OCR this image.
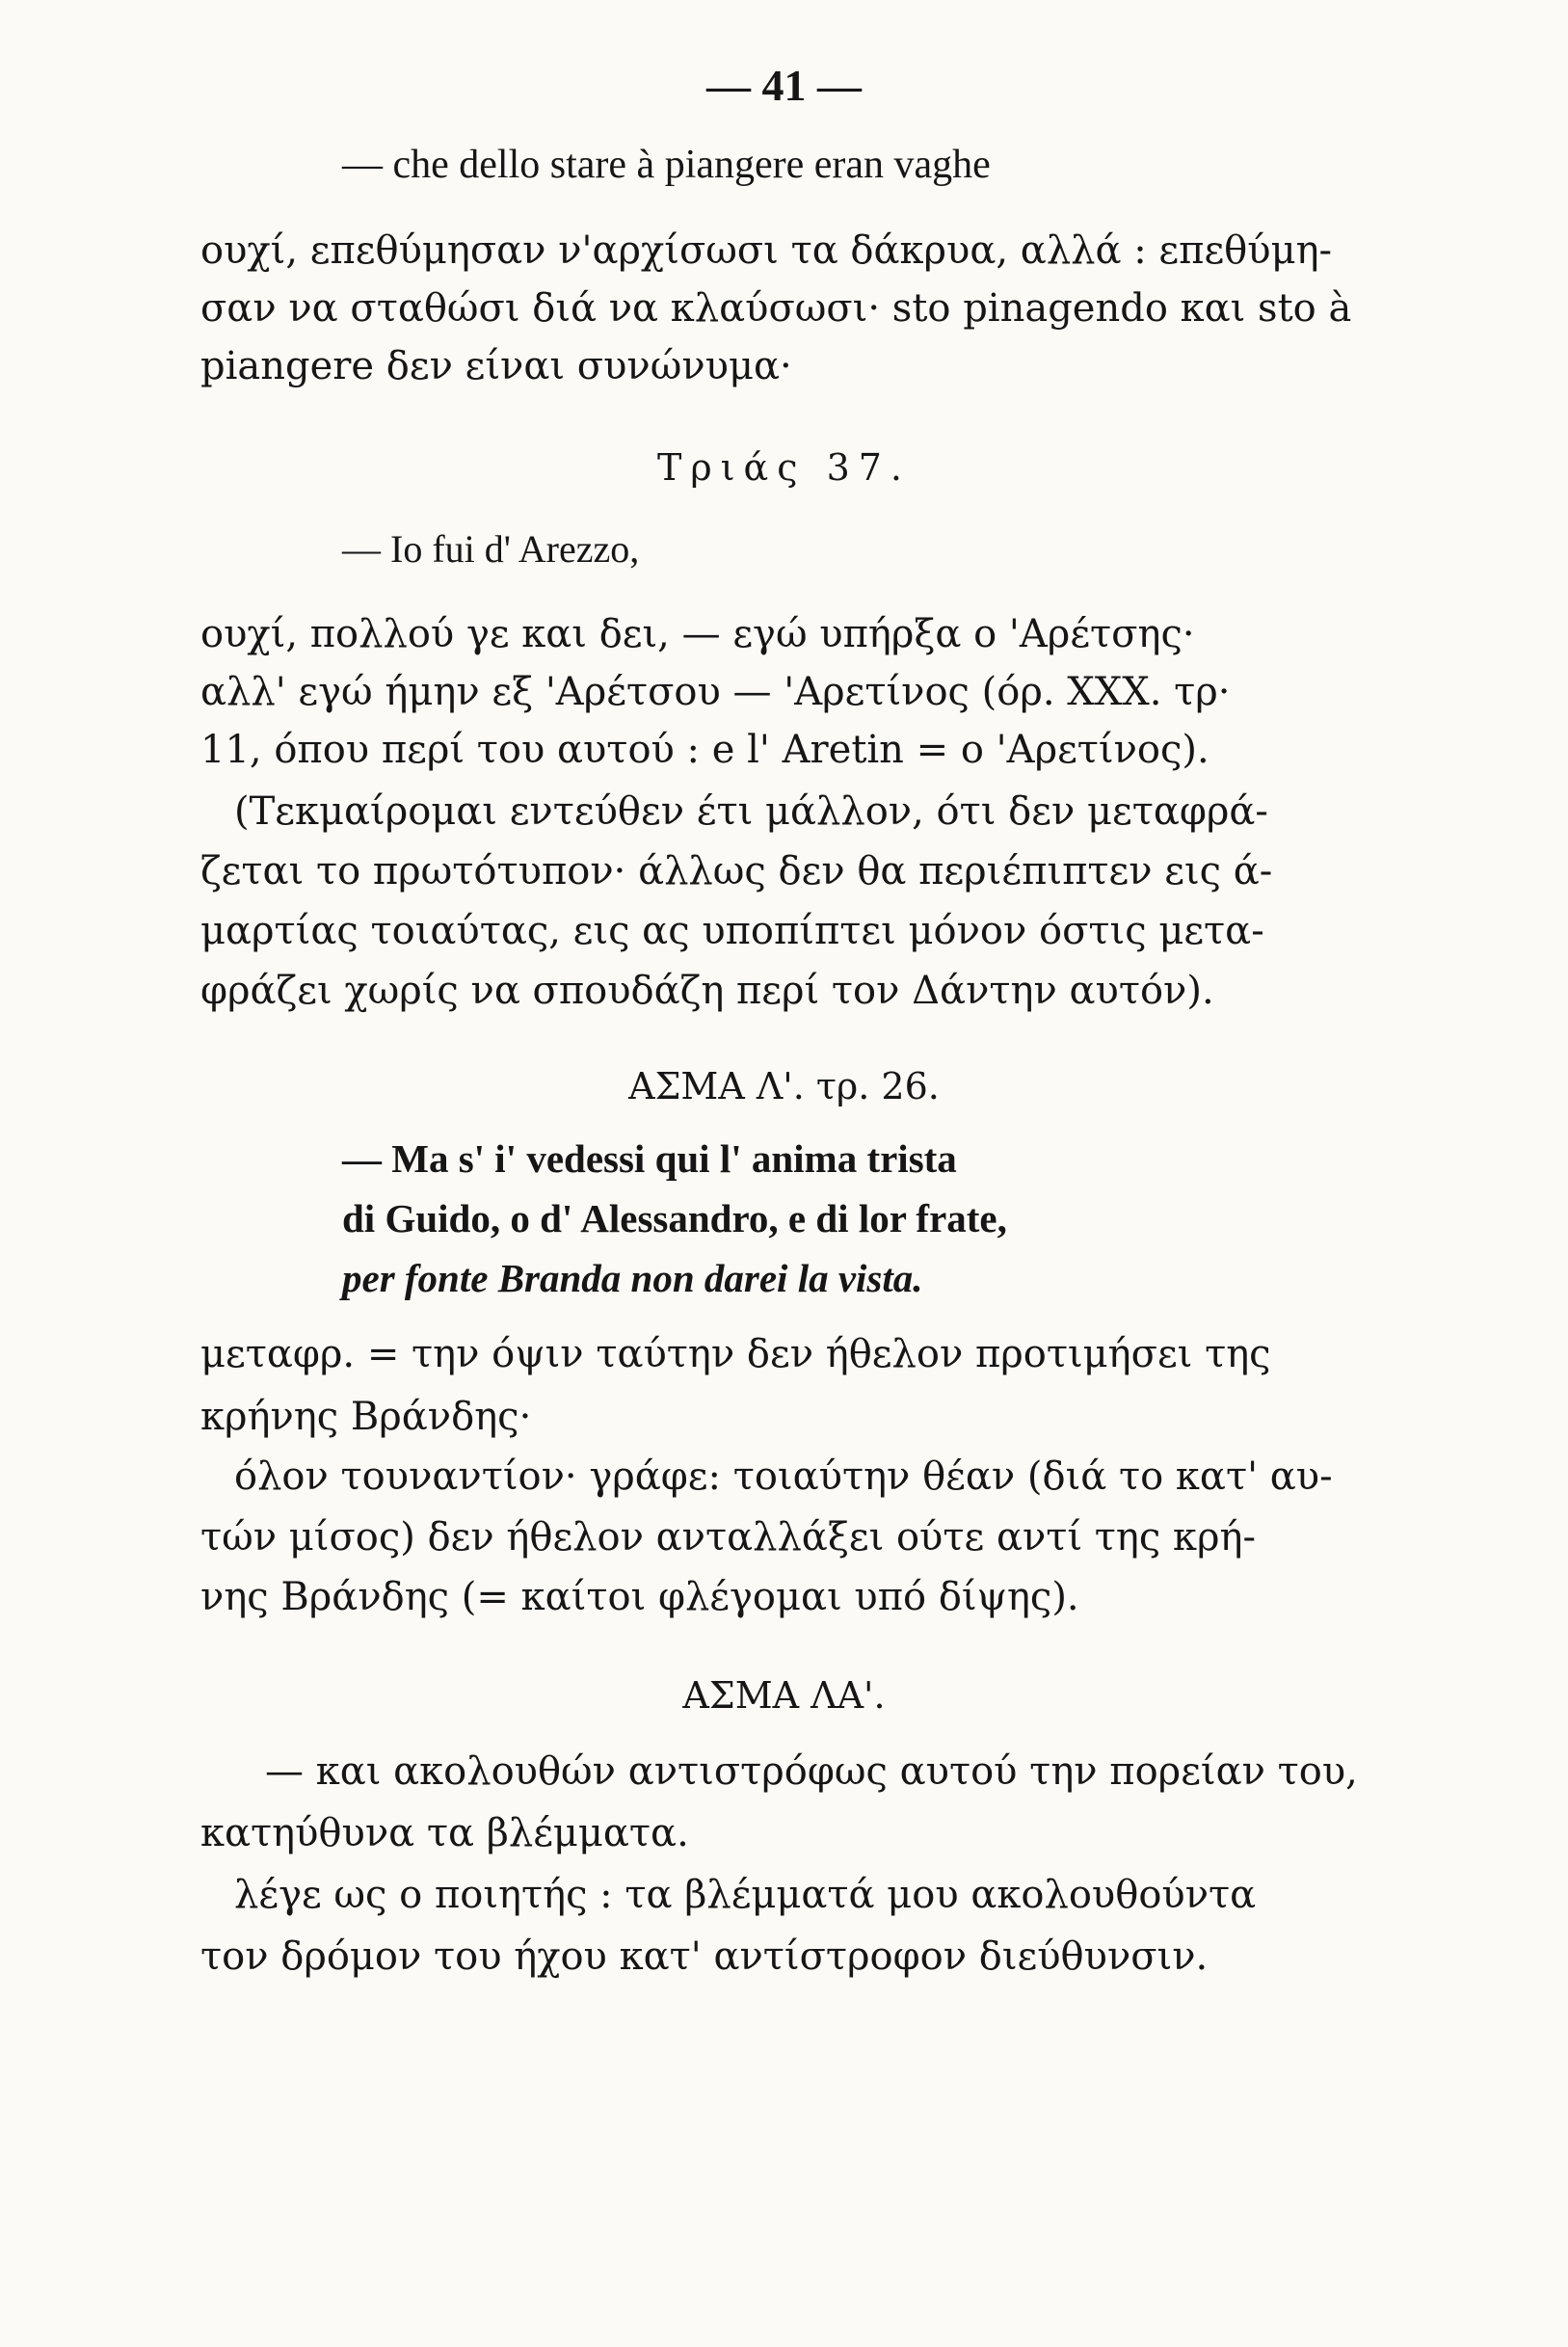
— 41 —
— che dello stare à piangere eran vaghe
ουχί, επεθύμησαν ν'αρχίσωσι τα δάκρυα, αλλά : επεθύμη-
σαν να σταθώσι διά να κλαύσωσι· sto pinagendo και sto à
piangere δεν είναι συνώνυμα·
Τριάς 37.
— Io fui d' Arezzo,
ουχί, πολλού γε και δει, — εγώ υπήρξα ο 'Αρέτσης·
αλλ' εγώ ήμην εξ 'Αρέτσου — 'Αρετίνος (όρ. XXX. τρ·
11, όπου περί του αυτού : e l' Aretin = ο 'Αρετίνος).
(Τεκμαίρομαι εντεύθεν έτι μάλλον, ότι δεν μεταφρά-
ζεται το πρωτότυπον· άλλως δεν θα περιέπιπτεν εις ά-
μαρτίας τοιαύτας, εις ας υποπίπτει μόνον όστις μετα-
φράζει χωρίς να σπουδάζη περί τον Δάντην αυτόν).
ΑΣΜΑ Λ'. τρ. 26.
— Ma s' i' vedessi qui l' anima trista
di Guido, o d' Alessandro, e di lor frate,
per fonte Branda non darei la vista.
μεταφρ. = την όψιν ταύτην δεν ήθελον προτιμήσει της
κρήνης Βράνδης·
όλον τουναντίον· γράφε: τοιαύτην θέαν (διά το κατ' αυ-
τών μίσος) δεν ήθελον ανταλλάξει ούτε αντί της κρή-
νης Βράνδης (= καίτοι φλέγομαι υπό δίψης).
ΑΣΜΑ ΛΑ'.
— και ακολουθών αντιστρόφως αυτού την πορείαν του,
κατηύθυνα τα βλέμματα.
λέγε ως ο ποιητής : τα βλέμματά μου ακολουθούντα
τον δρόμον του ήχου κατ' αντίστροφον διεύθυνσιν.
